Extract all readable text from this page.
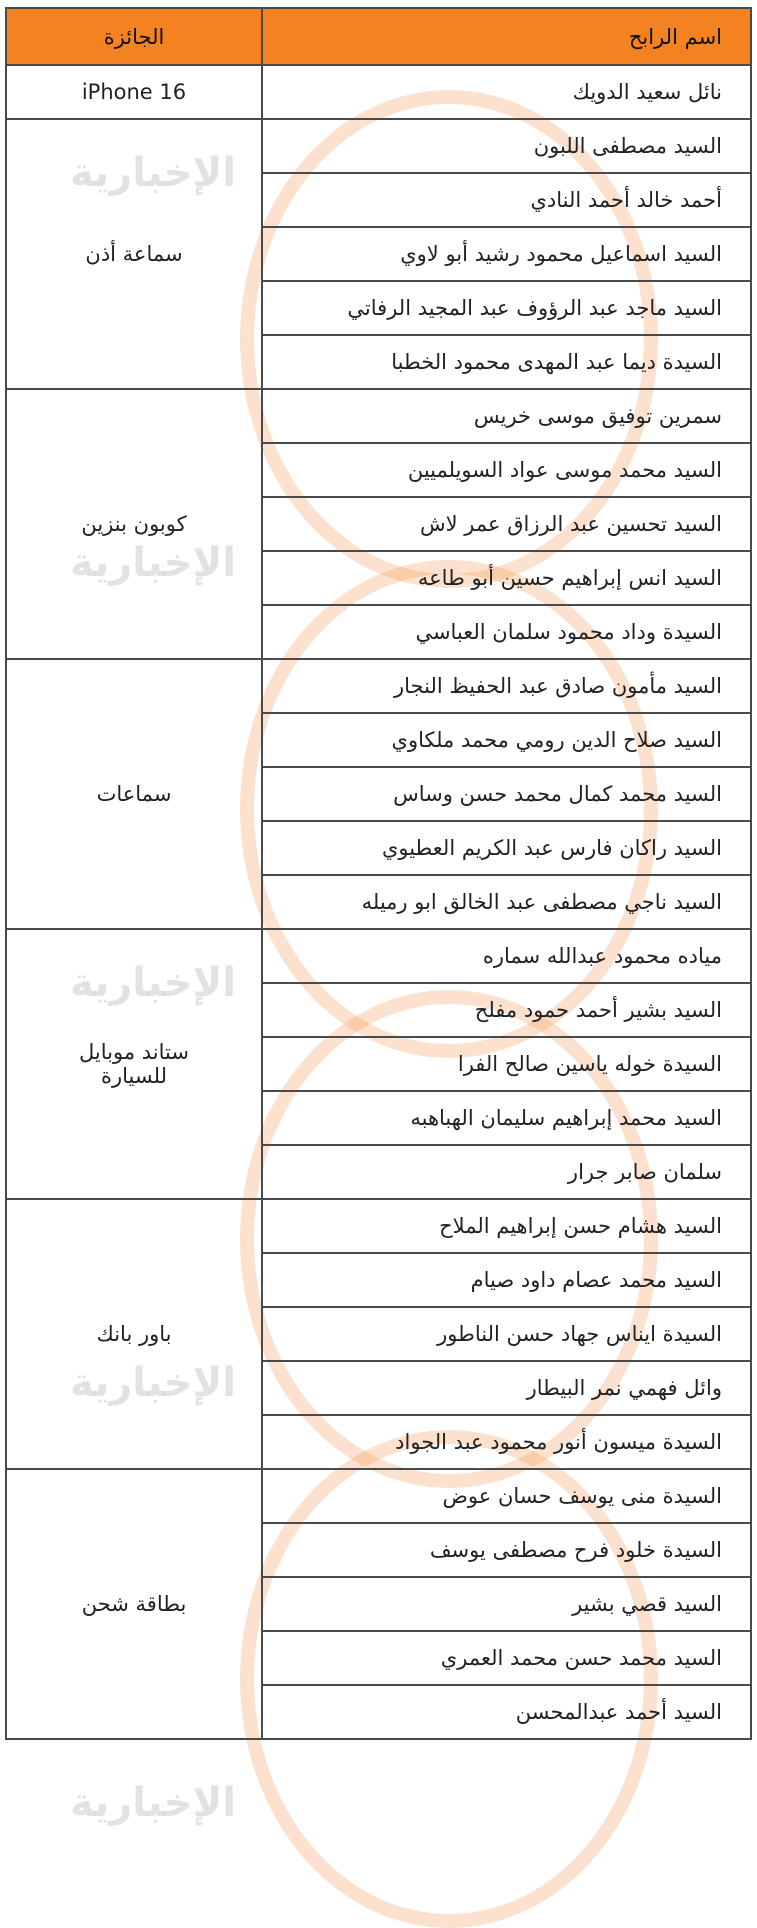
الإخبارية
الإخبارية
الإخبارية
الإخبارية
الإخبارية
اسم الرابح	الجائزة
نائل سعيد الدويك	iPhone 16
السيد مصطفى اللبون	سماعة أذن
أحمد خالد أحمد النادي	
السيد اسماعيل محمود رشيد أبو لاوي	
السيد ماجد عبد الرؤوف عبد المجيد الرفاتي	
السيدة ديما عبد المهدى محمود الخطبا	
سمرين توفيق موسى خريس	كوبون بنزين
السيد محمد موسى عواد السويلميين	
السيد تحسين عبد الرزاق عمر لاش	
السيد انس إبراهيم حسين أبو طاعه	
السيدة وداد محمود سلمان العباسي	
السيد مأمون صادق عبد الحفيظ النجار	سماعات
السيد صلاح الدين رومي محمد ملكاوي	
السيد محمد كمال محمد حسن وساس	
السيد راكان فارس عبد الكريم العطيوي	
السيد ناجي مصطفى عبد الخالق ابو رميله	
مياده محمود عبدالله سماره	ستاند موبايل للسيارة
السيد بشير أحمد حمود مفلح	
السيدة خوله ياسين صالح الفرا	
السيد محمد إبراهيم سليمان الهباهبه	
سلمان صابر جرار	
السيد هشام حسن إبراهيم الملاح	باور بانك
السيد محمد عصام داود صيام	
السيدة ايناس جهاد حسن الناطور	
وائل فهمي نمر البيطار	
السيدة ميسون أنور محمود عبد الجواد	
السيدة منى يوسف حسان عوض	بطاقة شحن
السيدة خلود فرح مصطفى يوسف	
السيد قصي بشير	
السيد محمد حسن محمد العمري	
السيد أحمد عبدالمحسن	
